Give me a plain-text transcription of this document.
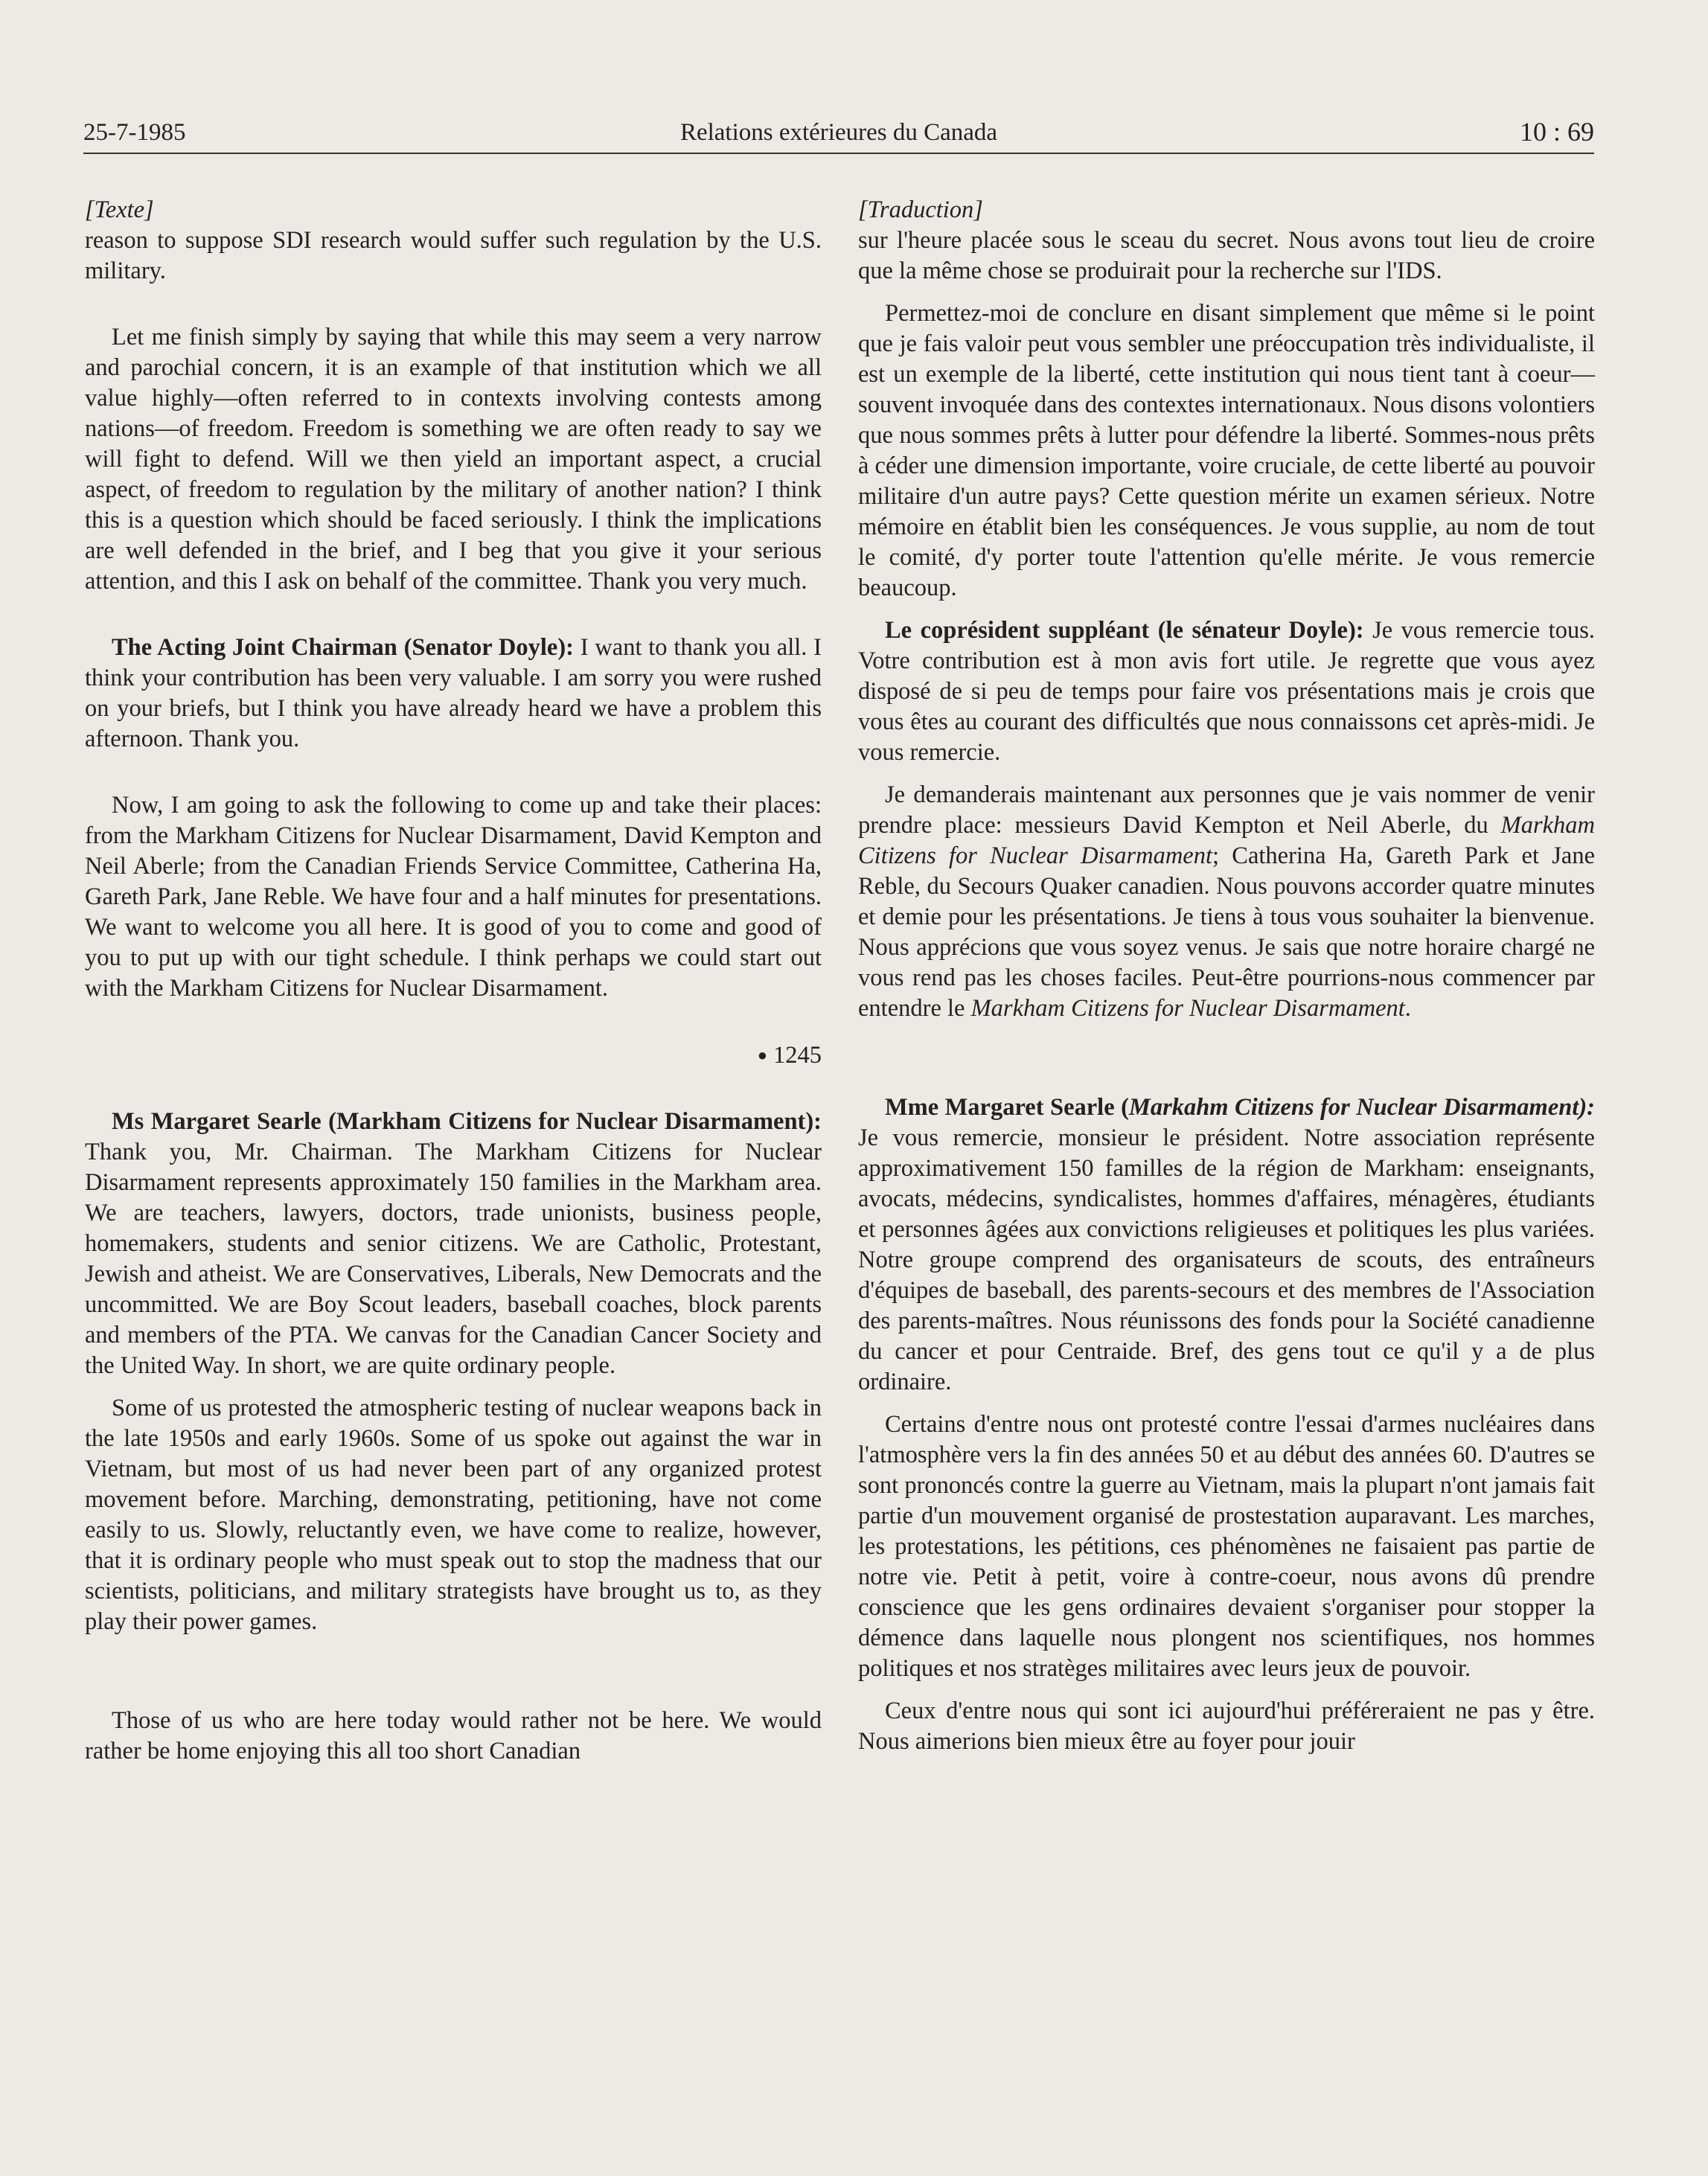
25-7-1985	Relations extérieures du Canada	10 : 69

[Texte]

reason to suppose SDI research would suffer such regulation by the U.S. military.

Let me finish simply by saying that while this may seem a very narrow and parochial concern, it is an example of that institution which we all value highly—often referred to in contexts involving contests among nations—of freedom. Freedom is something we are often ready to say we will fight to defend. Will we then yield an important aspect, a crucial aspect, of freedom to regulation by the military of another nation? I think this is a question which should be faced seriously. I think the implications are well defended in the brief, and I beg that you give it your serious attention, and this I ask on behalf of the committee. Thank you very much.

The Acting Joint Chairman (Senator Doyle): I want to thank you all. I think your contribution has been very valuable. I am sorry you were rushed on your briefs, but I think you have already heard we have a problem this afternoon. Thank you.

Now, I am going to ask the following to come up and take their places: from the Markham Citizens for Nuclear Disarmament, David Kempton and Neil Aberle; from the Canadian Friends Service Committee, Catherina Ha, Gareth Park, Jane Reble. We have four and a half minutes for presentations. We want to welcome you all here. It is good of you to come and good of you to put up with our tight schedule. I think perhaps we could start out with the Markham Citizens for Nuclear Disarmament.

● 1245

Ms Margaret Searle (Markham Citizens for Nuclear Disarmament): Thank you, Mr. Chairman. The Markham Citizens for Nuclear Disarmament represents approximately 150 families in the Markham area. We are teachers, lawyers, doctors, trade unionists, business people, homemakers, students and senior citizens. We are Catholic, Protestant, Jewish and atheist. We are Conservatives, Liberals, New Democrats and the uncommitted. We are Boy Scout leaders, baseball coaches, block parents and members of the PTA. We canvas for the Canadian Cancer Society and the United Way. In short, we are quite ordinary people.

Some of us protested the atmospheric testing of nuclear weapons back in the late 1950s and early 1960s. Some of us spoke out against the war in Vietnam, but most of us had never been part of any organized protest movement before. Marching, demonstrating, petitioning, have not come easily to us. Slowly, reluctantly even, we have come to realize, however, that it is ordinary people who must speak out to stop the madness that our scientists, politicians, and military strategists have brought us to, as they play their power games.

Those of us who are here today would rather not be here. We would rather be home enjoying this all too short Canadian

[Traduction]

sur l'heure placée sous le sceau du secret. Nous avons tout lieu de croire que la même chose se produirait pour la recherche sur l'IDS.

Permettez-moi de conclure en disant simplement que même si le point que je fais valoir peut vous sembler une préoccupation très individualiste, il est un exemple de la liberté, cette institution qui nous tient tant à coeur—souvent invoquée dans des contextes internationaux. Nous disons volontiers que nous sommes prêts à lutter pour défendre la liberté. Sommes-nous prêts à céder une dimension importante, voire cruciale, de cette liberté au pouvoir militaire d'un autre pays? Cette question mérite un examen sérieux. Notre mémoire en établit bien les conséquences. Je vous supplie, au nom de tout le comité, d'y porter toute l'attention qu'elle mérite. Je vous remercie beaucoup.

Le coprésident suppléant (le sénateur Doyle): Je vous remercie tous. Votre contribution est à mon avis fort utile. Je regrette que vous ayez disposé de si peu de temps pour faire vos présentations mais je crois que vous êtes au courant des difficultés que nous connaissons cet après-midi. Je vous remercie.

Je demanderais maintenant aux personnes que je vais nommer de venir prendre place: messieurs David Kempton et Neil Aberle, du Markham Citizens for Nuclear Disarmament; Catherina Ha, Gareth Park et Jane Reble, du Secours Quaker canadien. Nous pouvons accorder quatre minutes et demie pour les présentations. Je tiens à tous vous souhaiter la bienvenue. Nous apprécions que vous soyez venus. Je sais que notre horaire chargé ne vous rend pas les choses faciles. Peut-être pourrions-nous commencer par entendre le Markham Citizens for Nuclear Disarmament.

Mme Margaret Searle (Markahm Citizens for Nuclear Disarmament): Je vous remercie, monsieur le président. Notre association représente approximativement 150 familles de la région de Markham: enseignants, avocats, médecins, syndicalistes, hommes d'affaires, ménagères, étudiants et personnes âgées aux convictions religieuses et politiques les plus variées. Notre groupe comprend des organisateurs de scouts, des entraîneurs d'équipes de baseball, des parents-secours et des membres de l'Association des parents-maîtres. Nous réunissons des fonds pour la Société canadienne du cancer et pour Centraide. Bref, des gens tout ce qu'il y a de plus ordinaire.

Certains d'entre nous ont protesté contre l'essai d'armes nucléaires dans l'atmosphère vers la fin des années 50 et au début des années 60. D'autres se sont prononcés contre la guerre au Vietnam, mais la plupart n'ont jamais fait partie d'un mouvement organisé de prostestation auparavant. Les marches, les protestations, les pétitions, ces phénomènes ne faisaient pas partie de notre vie. Petit à petit, voire à contre-coeur, nous avons dû prendre conscience que les gens ordinaires devaient s'organiser pour stopper la démence dans laquelle nous plongent nos scientifiques, nos hommes politiques et nos stratèges militaires avec leurs jeux de pouvoir.

Ceux d'entre nous qui sont ici aujourd'hui préféreraient ne pas y être. Nous aimerions bien mieux être au foyer pour jouir
